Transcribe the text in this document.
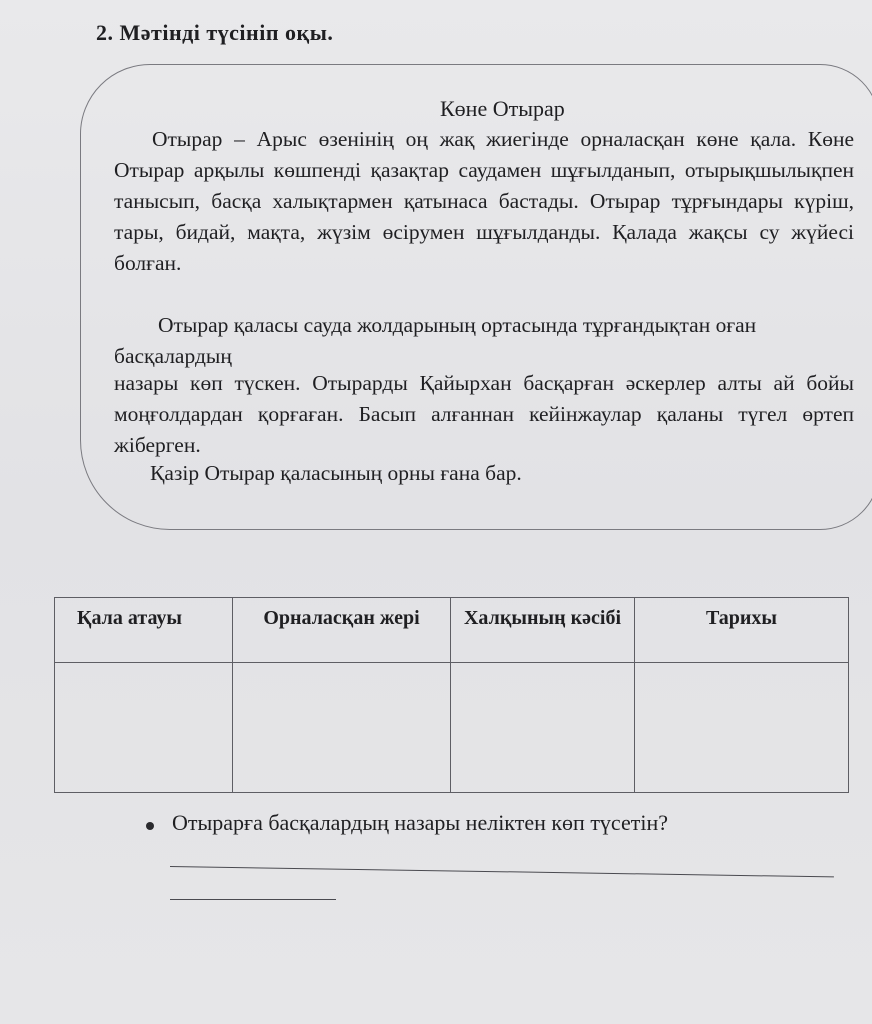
2. Мәтінді түсініп оқы.
Көне Отырар

Отырар – Арыс өзенінің оң жақ жиегінде орналасқан көне қала. Көне Отырар арқылы көшпенді қазақтар саудамен шұғылданып, отырықшылықпен танысып, басқа халықтармен қатынаса бастады. Отырар тұрғындары күріш, тары, бидай, мақта, жүзім өсірумен шұғылданды. Қалада жақсы су жүйесі болған.

Отырар қаласы сауда жолдарының ортасында тұрғандықтан оған басқалардың

назары көп түскен. Отырарды Қайырхан басқарған әскерлер алты ай бойы моңғолдардан қорғаған. Басып алғаннан кейінжаулар қаланы түгел өртеп жіберген.

Қазір Отырар қаласының орны ғана бар.

Қала атауы	Орналасқан жері	Халқының кәсібі	Тарихы

Отырарға басқалардың назары неліктен көп түсетін?
